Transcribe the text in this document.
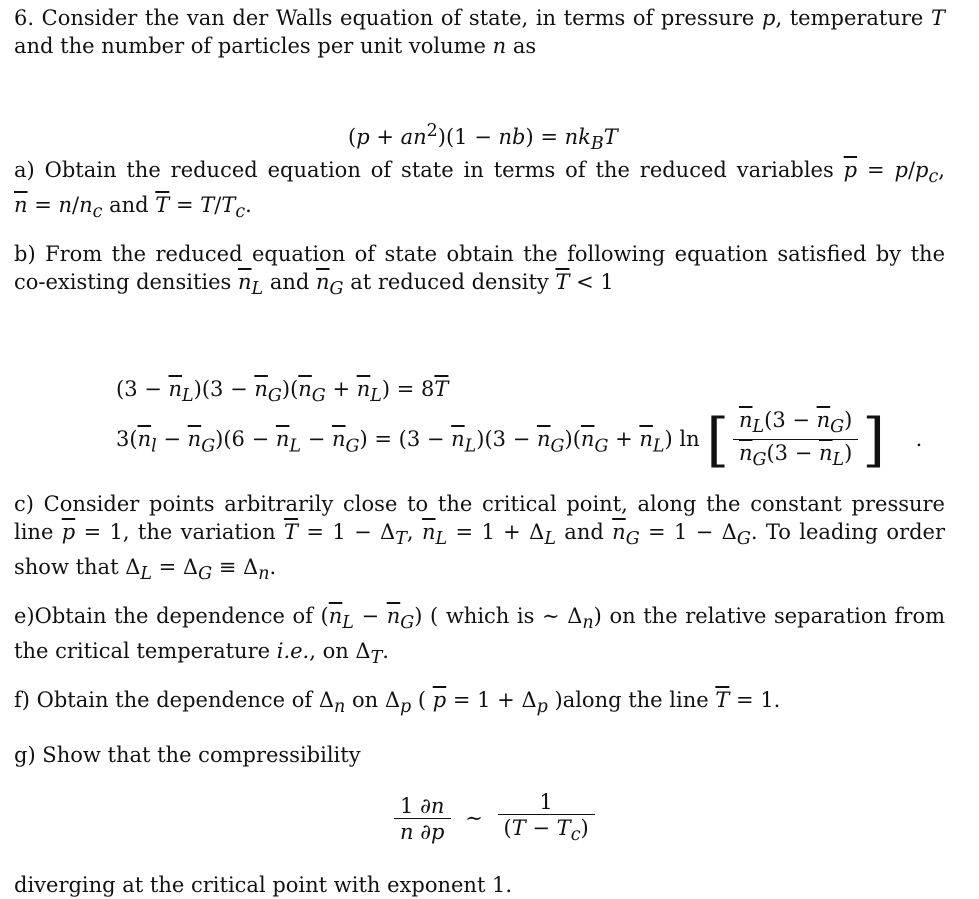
6. Consider the van der Walls equation of state, in terms of pressure p, temperature T and the number of particles per unit volume n as

$(p + an^2)(1 - nb) = nk_BT$

a) Obtain the reduced equation of state in terms of the reduced variables $\overline{p} = p/p_c$, $\overline{n} = n/n_c$ and $\overline{T} = T/T_c$.

b) From the reduced equation of state obtain the following equation satisfied by the co-existing densities $\overline{n}_L$ and $\overline{n}_G$ at reduced density $\overline{T} < 1$

$(3 - \overline{n}_L)(3 - \overline{n}_G)(\overline{n}_G + \overline{n}_L) = 8\overline{T}$
$3(\overline{n}_l - \overline{n}_G)(6 - \overline{n}_L - \overline{n}_G) = (3 - \overline{n}_L)(3 - \overline{n}_G)(\overline{n}_G + \overline{n}_L)$ ln [ $\frac{\overline{n}_L(3 - \overline{n}_G)}{\overline{n}_G(3 - \overline{n}_L)}$ ] .

c) Consider points arbitrarily close to the critical point, along the constant pressure line $\overline{p} = 1$, the variation $\overline{T} = 1 - \Delta_T$, $\overline{n}_L = 1 + \Delta_L$ and $\overline{n}_G = 1 - \Delta_G$. To leading order show that $\Delta_L = \Delta_G \equiv \Delta_n$.

e)Obtain the dependence of $(\overline{n}_L - \overline{n}_G)$ ( which is ∼ $\Delta_n$) on the relative separation from the critical temperature i.e., on $\Delta_T$.

f) Obtain the dependence of $\Delta_n$ on $\Delta_p$ ( $\overline{p} = 1 + \Delta_p$ )along the line $\overline{T} = 1$.

g) Show that the compressibility

$\frac{1 \partial n}{n \partial p}$ ∼ $\frac{1}{(T - T_c)}$

diverging at the critical point with exponent 1.
